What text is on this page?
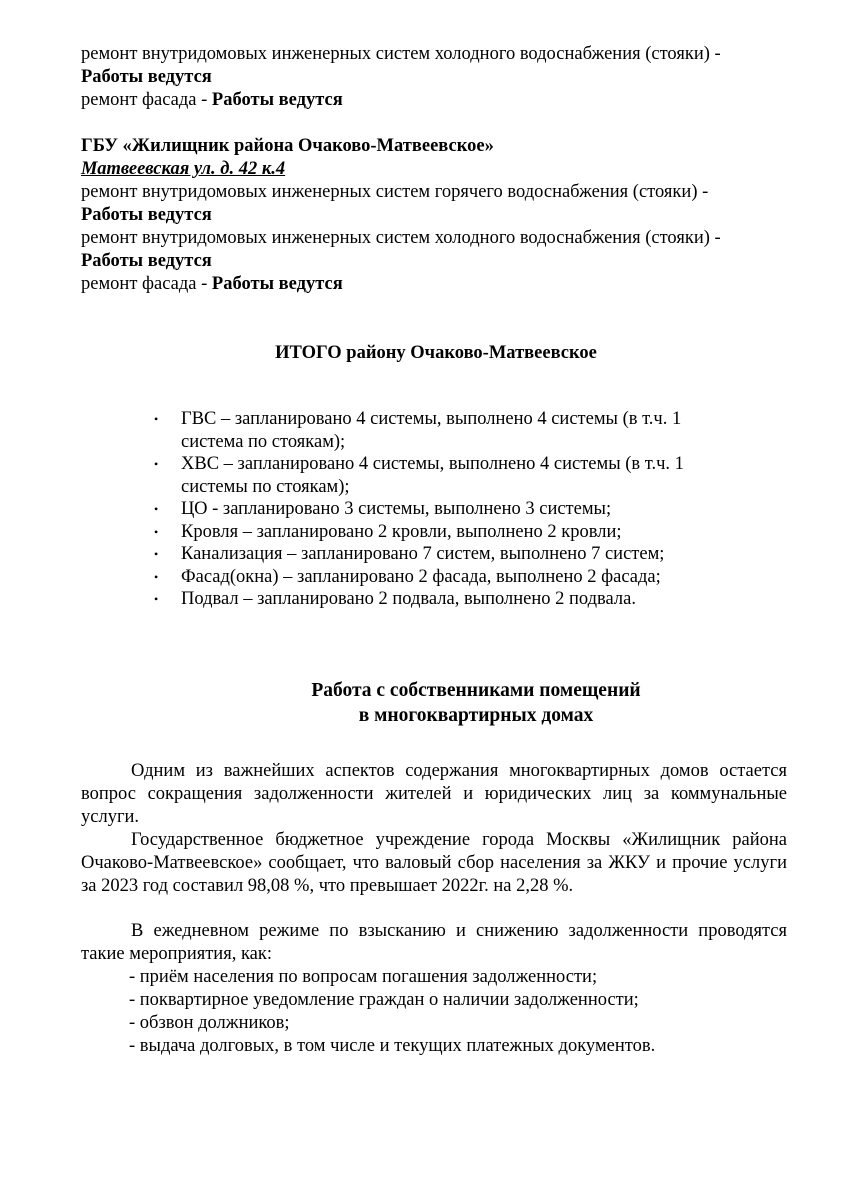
ремонт внутридомовых инженерных систем холодного водоснабжения (стояки) -
Работы ведутся
ремонт фасада - Работы ведутся
ГБУ «Жилищник района Очаково-Матвеевское»
Матвеевская ул. д. 42 к.4
ремонт внутридомовых инженерных систем горячего водоснабжения (стояки) -
Работы ведутся
ремонт внутридомовых инженерных систем холодного водоснабжения (стояки) -
Работы ведутся
ремонт фасада - Работы ведутся
ИТОГО району Очаково-Матвеевское
• ГВС – запланировано 4 системы, выполнено 4 системы (в т.ч. 1
система по стоякам);
• ХВС – запланировано 4 системы, выполнено 4 системы (в т.ч. 1
системы по стоякам);
• ЦО - запланировано 3 системы, выполнено 3 системы;
• Кровля – запланировано 2 кровли, выполнено 2 кровли;
• Канализация – запланировано 7 систем, выполнено 7 систем;
• Фасад(окна) – запланировано 2 фасада, выполнено 2 фасада;
• Подвал – запланировано 2 подвала, выполнено 2 подвала.
Работа с собственниками помещений
в многоквартирных домах
Одним из важнейших аспектов содержания многоквартирных домов остается вопрос сокращения задолженности жителей и юридических лиц за коммунальные услуги.
Государственное бюджетное учреждение города Москвы «Жилищник района Очаково-Матвеевское» сообщает, что валовый сбор населения за ЖКУ и прочие услуги за 2023 год составил 98,08 %, что превышает 2022г. на 2,28 %.
В ежедневном режиме по взысканию и снижению задолженности проводятся такие мероприятия, как:
- приём населения по вопросам погашения задолженности;
- поквартирное уведомление граждан о наличии задолженности;
- обзвон должников;
- выдача долговых, в том числе и текущих платежных документов.
